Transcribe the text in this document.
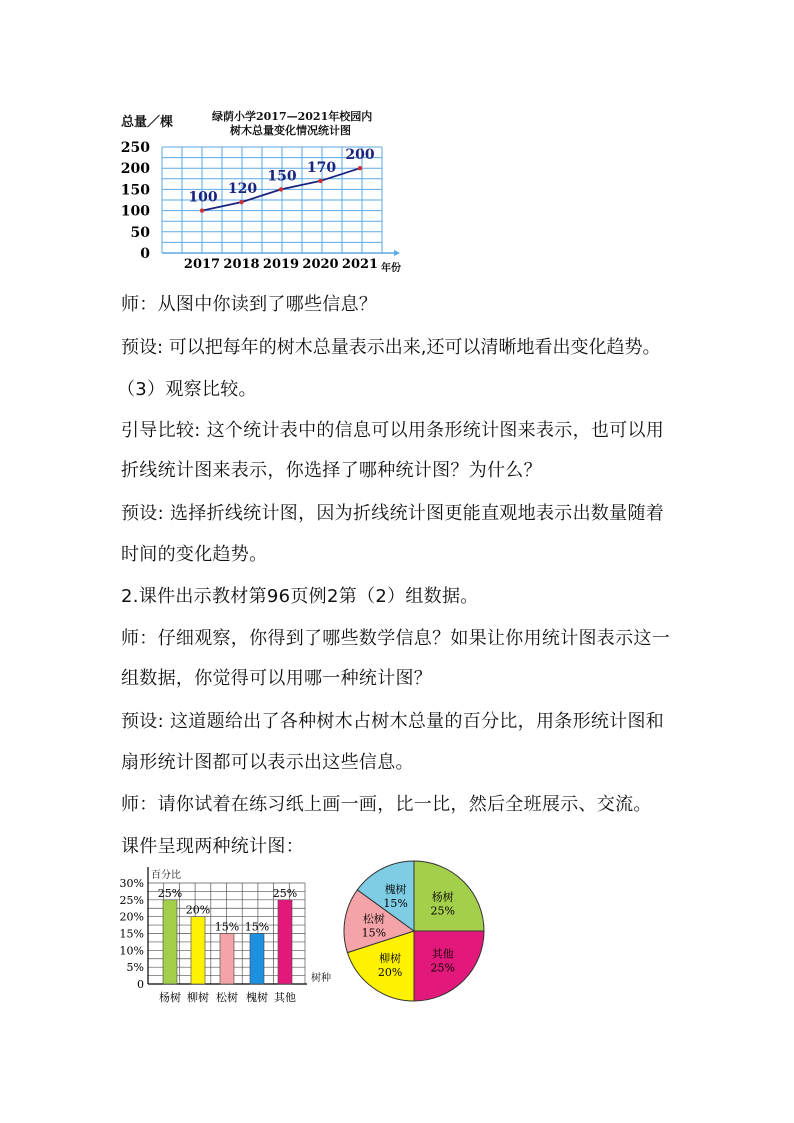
绿荫小学2017—2021年校园内
树木总量变化情况统计图
总量／棵
年份
0
50
100
150
200
250
2017 2018 2019 2020 2021
100
120
150
170
200
师：从图中你读到了哪些信息？
预设: 可以把每年的树木总量表示出来,还可以清晰地看出变化趋势。
（3）观察比较。
引导比较: 这个统计表中的信息可以用条形统计图来表示，也可以用
折线统计图来表示，你选择了哪种统计图？为什么？
预设: 选择折线统计图，因为折线统计图更能直观地表示出数量随着
时间的变化趋势。
2.课件出示教材第96页例2第（2）组数据。
师：仔细观察，你得到了哪些数学信息？如果让你用统计图表示这一
组数据，你觉得可以用哪一种统计图？
预设: 这道题给出了各种树木占树木总量的百分比，用条形统计图和
扇形统计图都可以表示出这些信息。
师：请你试着在练习纸上画一画，比一比，然后全班展示、交流。
课件呈现两种统计图：
百分比
树种
0
5%
10%
15%
20%
25%
30%
25%
杨树
20%
柳树
15%
松树
15%
槐树
25%
其他
杨树
25%
其他
25%
柳树
20%
松树
15%
槐树
15%
